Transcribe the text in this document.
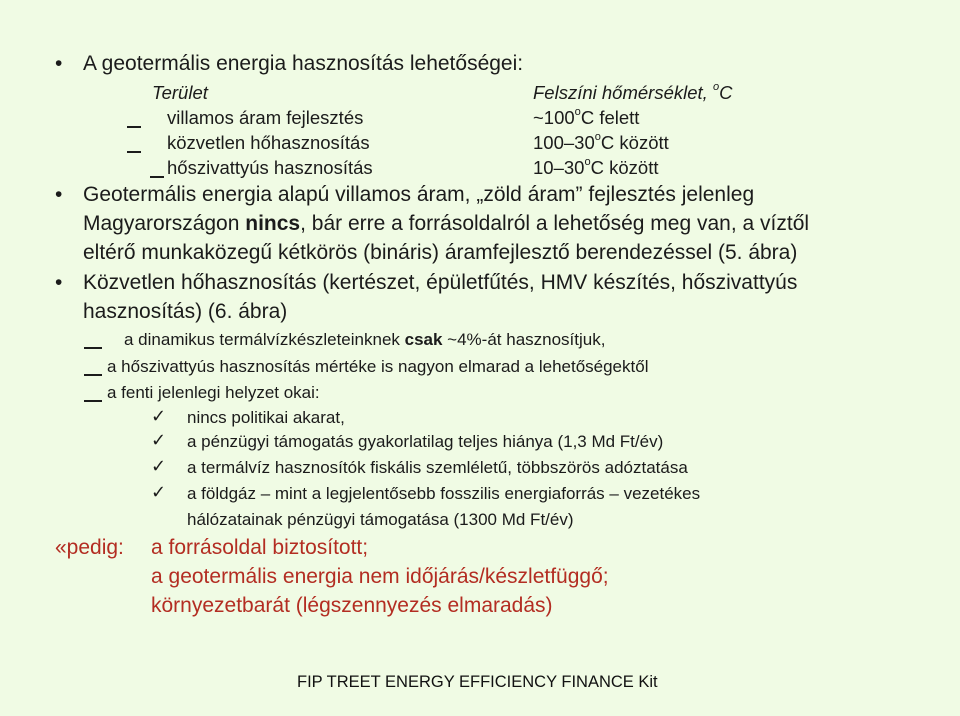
• A geotermális energia hasznosítás lehetőségei:
Terület	Felszíni hőmérséklet, $^o$C
villamos áram fejlesztés	~100$^o$C felett
közvetlen hőhasznosítás	100–30$^o$C között
hőszivattyús hasznosítás	10–30$^o$C között
• Geotermális energia alapú villamos áram, „zöld áram” fejlesztés jelenleg
Magyarországon nincs, bár erre a forrásoldalról a lehetőség meg van, a víztől
eltérő munkaközegű kétkörös (bináris) áramfejlesztő berendezéssel (5. ábra)
• Közvetlen hőhasznosítás (kertészet, épületfűtés, HMV készítés, hőszivattyús
hasznosítás) (6. ábra)
a dinamikus termálvízkészleteinknek csak ~4%-át hasznosítjuk,
a hőszivattyús hasznosítás mértéke is nagyon elmarad a lehetőségektől
a fenti jelenlegi helyzet okai:
✓ nincs politikai akarat,
✓ a pénzügyi támogatás gyakorlatilag teljes hiánya (1,3 Md Ft/év)
✓ a termálvíz hasznosítók fiskális szemléletű, többszörös adóztatása
✓ a földgáz – mint a legjelentősebb fosszilis energiaforrás – vezetékes
hálózatainak pénzügyi támogatása (1300 Md Ft/év)
«pedig: a forrásoldal biztosított;
a geotermális energia nem időjárás/készletfüggő;
környezetbarát (légszennyezés elmaradás)
FIP TREET ENERGY EFFICIENCY FINANCE Kit
